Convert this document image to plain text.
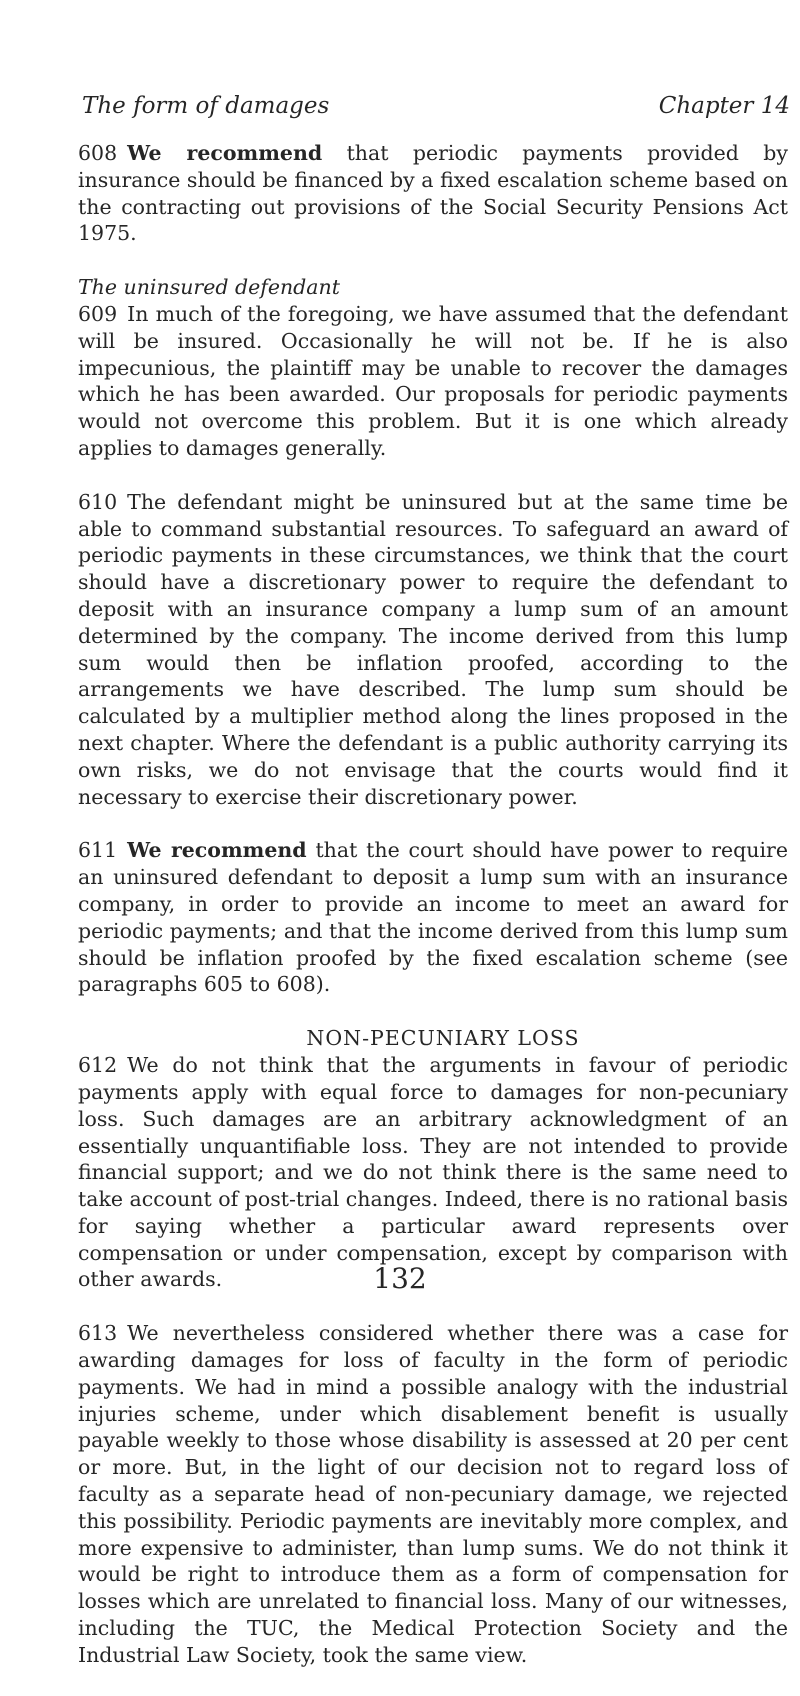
The form of damages	Chapter 14

608 We recommend that periodic payments provided by insurance should be financed by a fixed escalation scheme based on the contracting out provisions of the Social Security Pensions Act 1975.

The uninsured defendant

609 In much of the foregoing, we have assumed that the defendant will be insured. Occasionally he will not be. If he is also impecunious, the plaintiff may be unable to recover the damages which he has been awarded. Our proposals for periodic payments would not overcome this problem. But it is one which already applies to damages generally.

610 The defendant might be uninsured but at the same time be able to command substantial resources. To safeguard an award of periodic payments in these circumstances, we think that the court should have a discretionary power to require the defendant to deposit with an insurance company a lump sum of an amount determined by the company. The income derived from this lump sum would then be inflation proofed, according to the arrangements we have described. The lump sum should be calculated by a multiplier method along the lines proposed in the next chapter. Where the defendant is a public authority carrying its own risks, we do not envisage that the courts would find it necessary to exercise their discretionary power.

611 We recommend that the court should have power to require an uninsured defendant to deposit a lump sum with an insurance company, in order to provide an income to meet an award for periodic payments; and that the income derived from this lump sum should be inflation proofed by the fixed escalation scheme (see paragraphs 605 to 608).

NON-PECUNIARY LOSS

612 We do not think that the arguments in favour of periodic payments apply with equal force to damages for non-pecuniary loss. Such damages are an arbitrary acknowledgment of an essentially unquantifiable loss. They are not intended to provide financial support; and we do not think there is the same need to take account of post-trial changes. Indeed, there is no rational basis for saying whether a particular award represents over compensation or under compensation, except by comparison with other awards.

613 We nevertheless considered whether there was a case for awarding damages for loss of faculty in the form of periodic payments. We had in mind a possible analogy with the industrial injuries scheme, under which disablement benefit is usually payable weekly to those whose disability is assessed at 20 per cent or more. But, in the light of our decision not to regard loss of faculty as a separate head of non-pecuniary damage, we rejected this possibility. Periodic payments are inevitably more complex, and more expensive to administer, than lump sums. We do not think it would be right to introduce them as a form of compensation for losses which are unrelated to financial loss. Many of our witnesses, including the TUC, the Medical Protection Society and the Industrial Law Society, took the same view.

132
